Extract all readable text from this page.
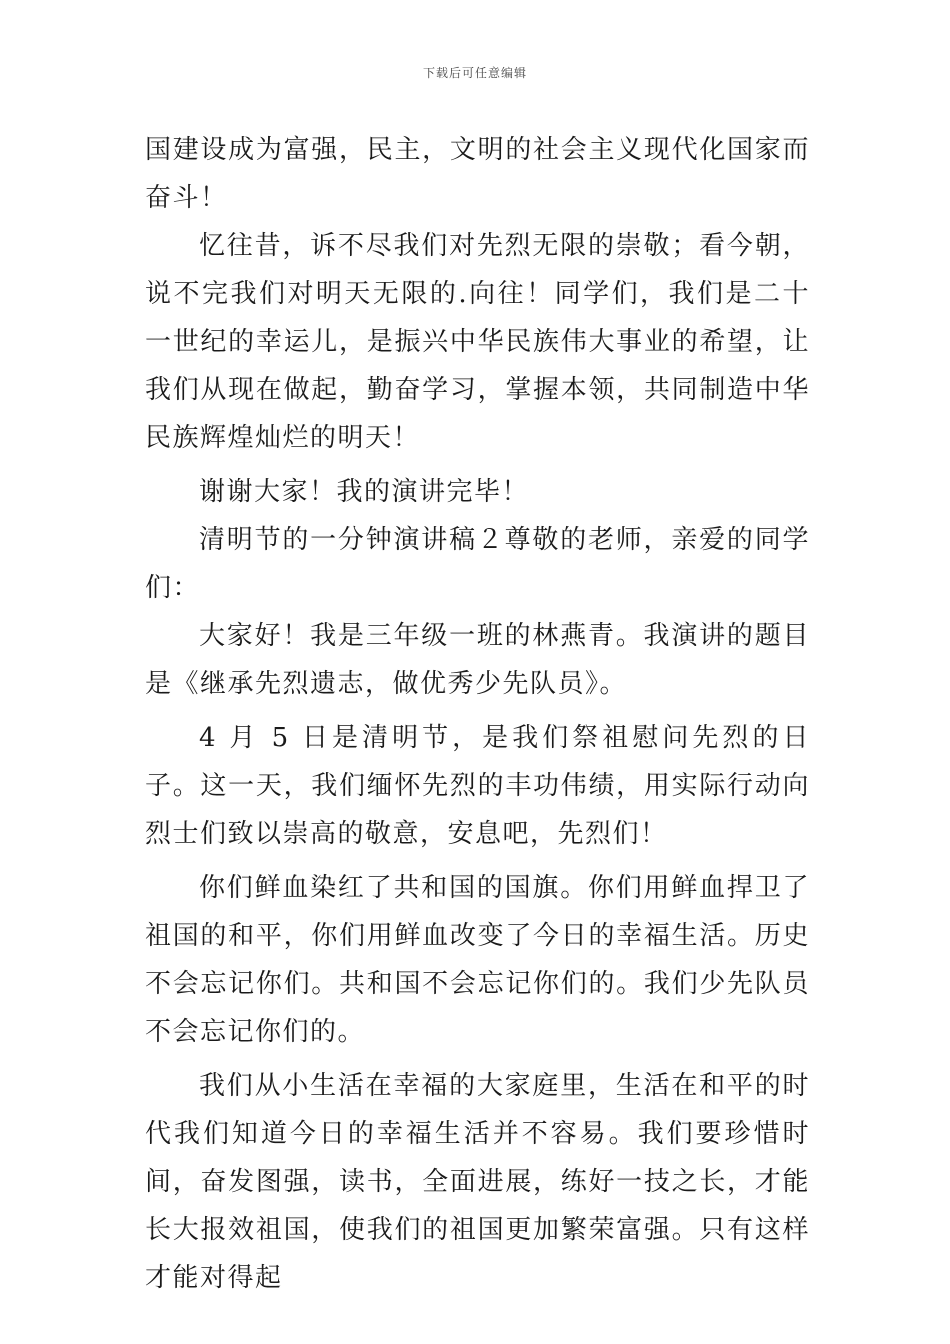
下载后可任意编辑

国建设成为富强，民主，文明的社会主义现代化国家而奋斗！

忆往昔，诉不尽我们对先烈无限的崇敬；看今朝，说不完我们对明天无限的.向往！同学们，我们是二十一世纪的幸运儿，是振兴中华民族伟大事业的希望，让我们从现在做起，勤奋学习，掌握本领，共同制造中华民族辉煌灿烂的明天！

谢谢大家！我的演讲完毕！

清明节的一分钟演讲稿２尊敬的老师，亲爱的同学们：

大家好！我是三年级一班的林燕青。我演讲的题目是《继承先烈遗志，做优秀少先队员》。

4 月 5 日是清明节，是我们祭祖慰问先烈的日子。这一天，我们缅怀先烈的丰功伟绩，用实际行动向烈士们致以崇高的敬意，安息吧，先烈们！

你们鲜血染红了共和国的国旗。你们用鲜血捍卫了祖国的和平，你们用鲜血改变了今日的幸福生活。历史不会忘记你们。共和国不会忘记你们的。我们少先队员不会忘记你们的。

我们从小生活在幸福的大家庭里，生活在和平的时代我们知道今日的幸福生活并不容易。我们要珍惜时间，奋发图强，读书，全面进展，练好一技之长，才能长大报效祖国，使我们的祖国更加繁荣富强。只有这样才能对得起
